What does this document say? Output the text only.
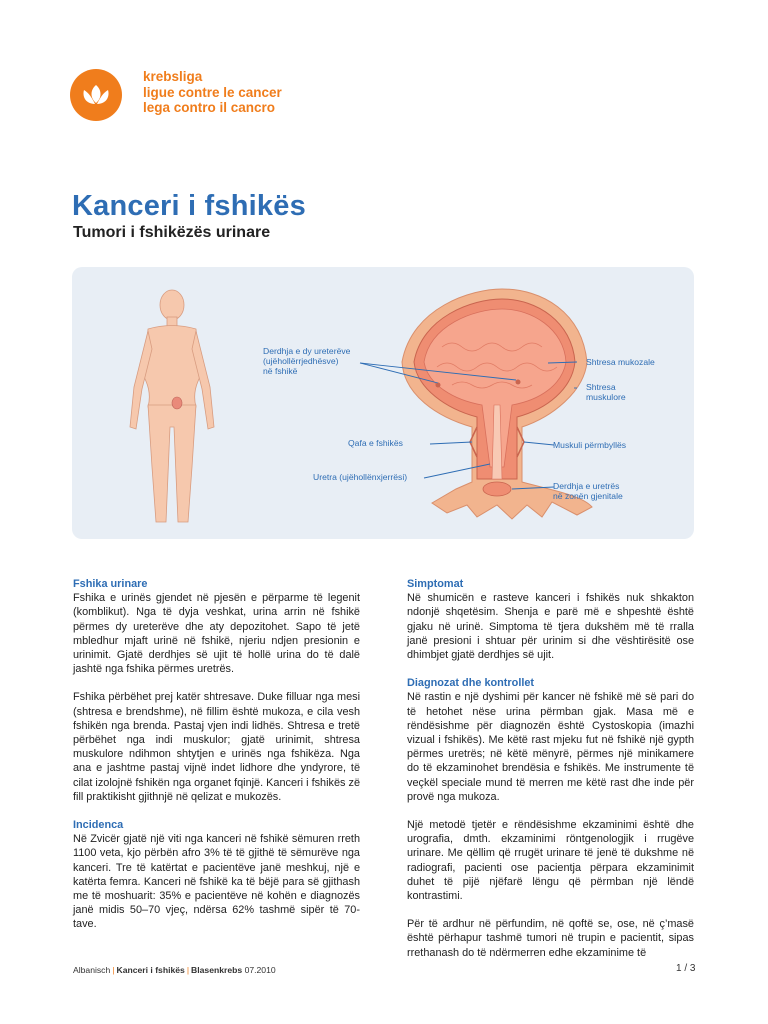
krebsliga
ligue contre le cancer
lega contro il cancro
Kanceri i fshikës
Tumori i fshikëzës urinare
Derdhja e dy ureterëve
(ujëhollërrjedhësve)
në fshikë
Qafa e fshikës
Uretra (ujëhollënxjerrësi)
Shtresa mukozale
Shtresa
muskulore
Muskuli përmbyllës
Derdhja e uretrës
në zonën gjenitale
Fshika urinare

Fshika e urinës gjendet në pjesën e përparme të legenit (komblikut). Nga të dyja veshkat, urina arrin në fshikë përmes dy ureterëve dhe aty depozitohet. Sapo të jetë mbledhur mjaft urinë në fshikë, njeriu ndjen presionin e urinimit. Gjatë derdhjes së ujit të hollë urina do të dalë jashtë nga fshika përmes uretrës.

Fshika përbëhet prej katër shtresave. Duke filluar nga mesi (shtresa e brendshme), në fillim është mukoza, e cila vesh fshikën nga brenda. Pastaj vjen indi lidhës. Shtresa e tretë përbëhet nga indi muskulor; gjatë urinimit, shtresa muskulore ndihmon shtytjen e urinës nga fshikëza. Nga ana e jashtme pastaj vijnë indet lidhore dhe yndyrore, të cilat izolojnë fshikën nga organet fqinjë. Kanceri i fshikës zë fill praktikisht gjithnjë në qelizat e mukozës.

Incidenca

Në Zvicër gjatë një viti nga kanceri në fshikë sëmuren rreth 1100 veta, kjo përbën afro 3% të të gjithë të sëmurëve nga kanceri. Tre të katërtat e pacientëve janë meshkuj, një e katërta femra. Kanceri në fshikë ka të bëjë para së gjithash me të moshuarit: 35% e pacientëve në kohën e diagnozës janë midis 50–70 vjeç, ndërsa 62% tashmë sipër të 70-tave.

Simptomat

Në shumicën e rasteve kanceri i fshikës nuk shkakton ndonjë shqetësim. Shenja e parë më e shpeshtë është gjaku në urinë. Simptoma të tjera dukshëm më të rralla janë presioni i shtuar për urinim si dhe vështirësitë ose dhimbjet gjatë derdhjes së ujit.

Diagnozat dhe kontrollet

Në rastin e një dyshimi për kancer në fshikë më së pari do të hetohet nëse urina përmban gjak. Masa më e rëndësishme për diagnozën është Cystoskopia (imazhi vizual i fshikës). Me këtë rast mjeku fut në fshikë një gypth përmes uretrës; në këtë mënyrë, përmes një minikamere do të ekzaminohet brendësia e fshikës. Me instrumente të veçkël speciale mund të merren me këtë rast dhe inde për provë nga mukoza.

Një metodë tjetër e rëndësishme ekzaminimi është dhe urografia, dmth. ekzaminimi röntgenologjik i rrugëve urinare. Me qëllim që rrugët urinare të jenë të dukshme në radiografi, pacienti ose pacientja përpara ekzaminimit duhet të pijë njëfarë lëngu që përmban një lëndë kontrastimi.

Për të ardhur në përfundim, në qoftë se, ose, në ç’masë është përhapur tashmë tumori në trupin e pacientit, sipas rrethanash do të ndërmerren edhe ekzaminime të

Albanisch | Kanceri i fshikës | Blasenkrebs 07.2010	1 / 3
